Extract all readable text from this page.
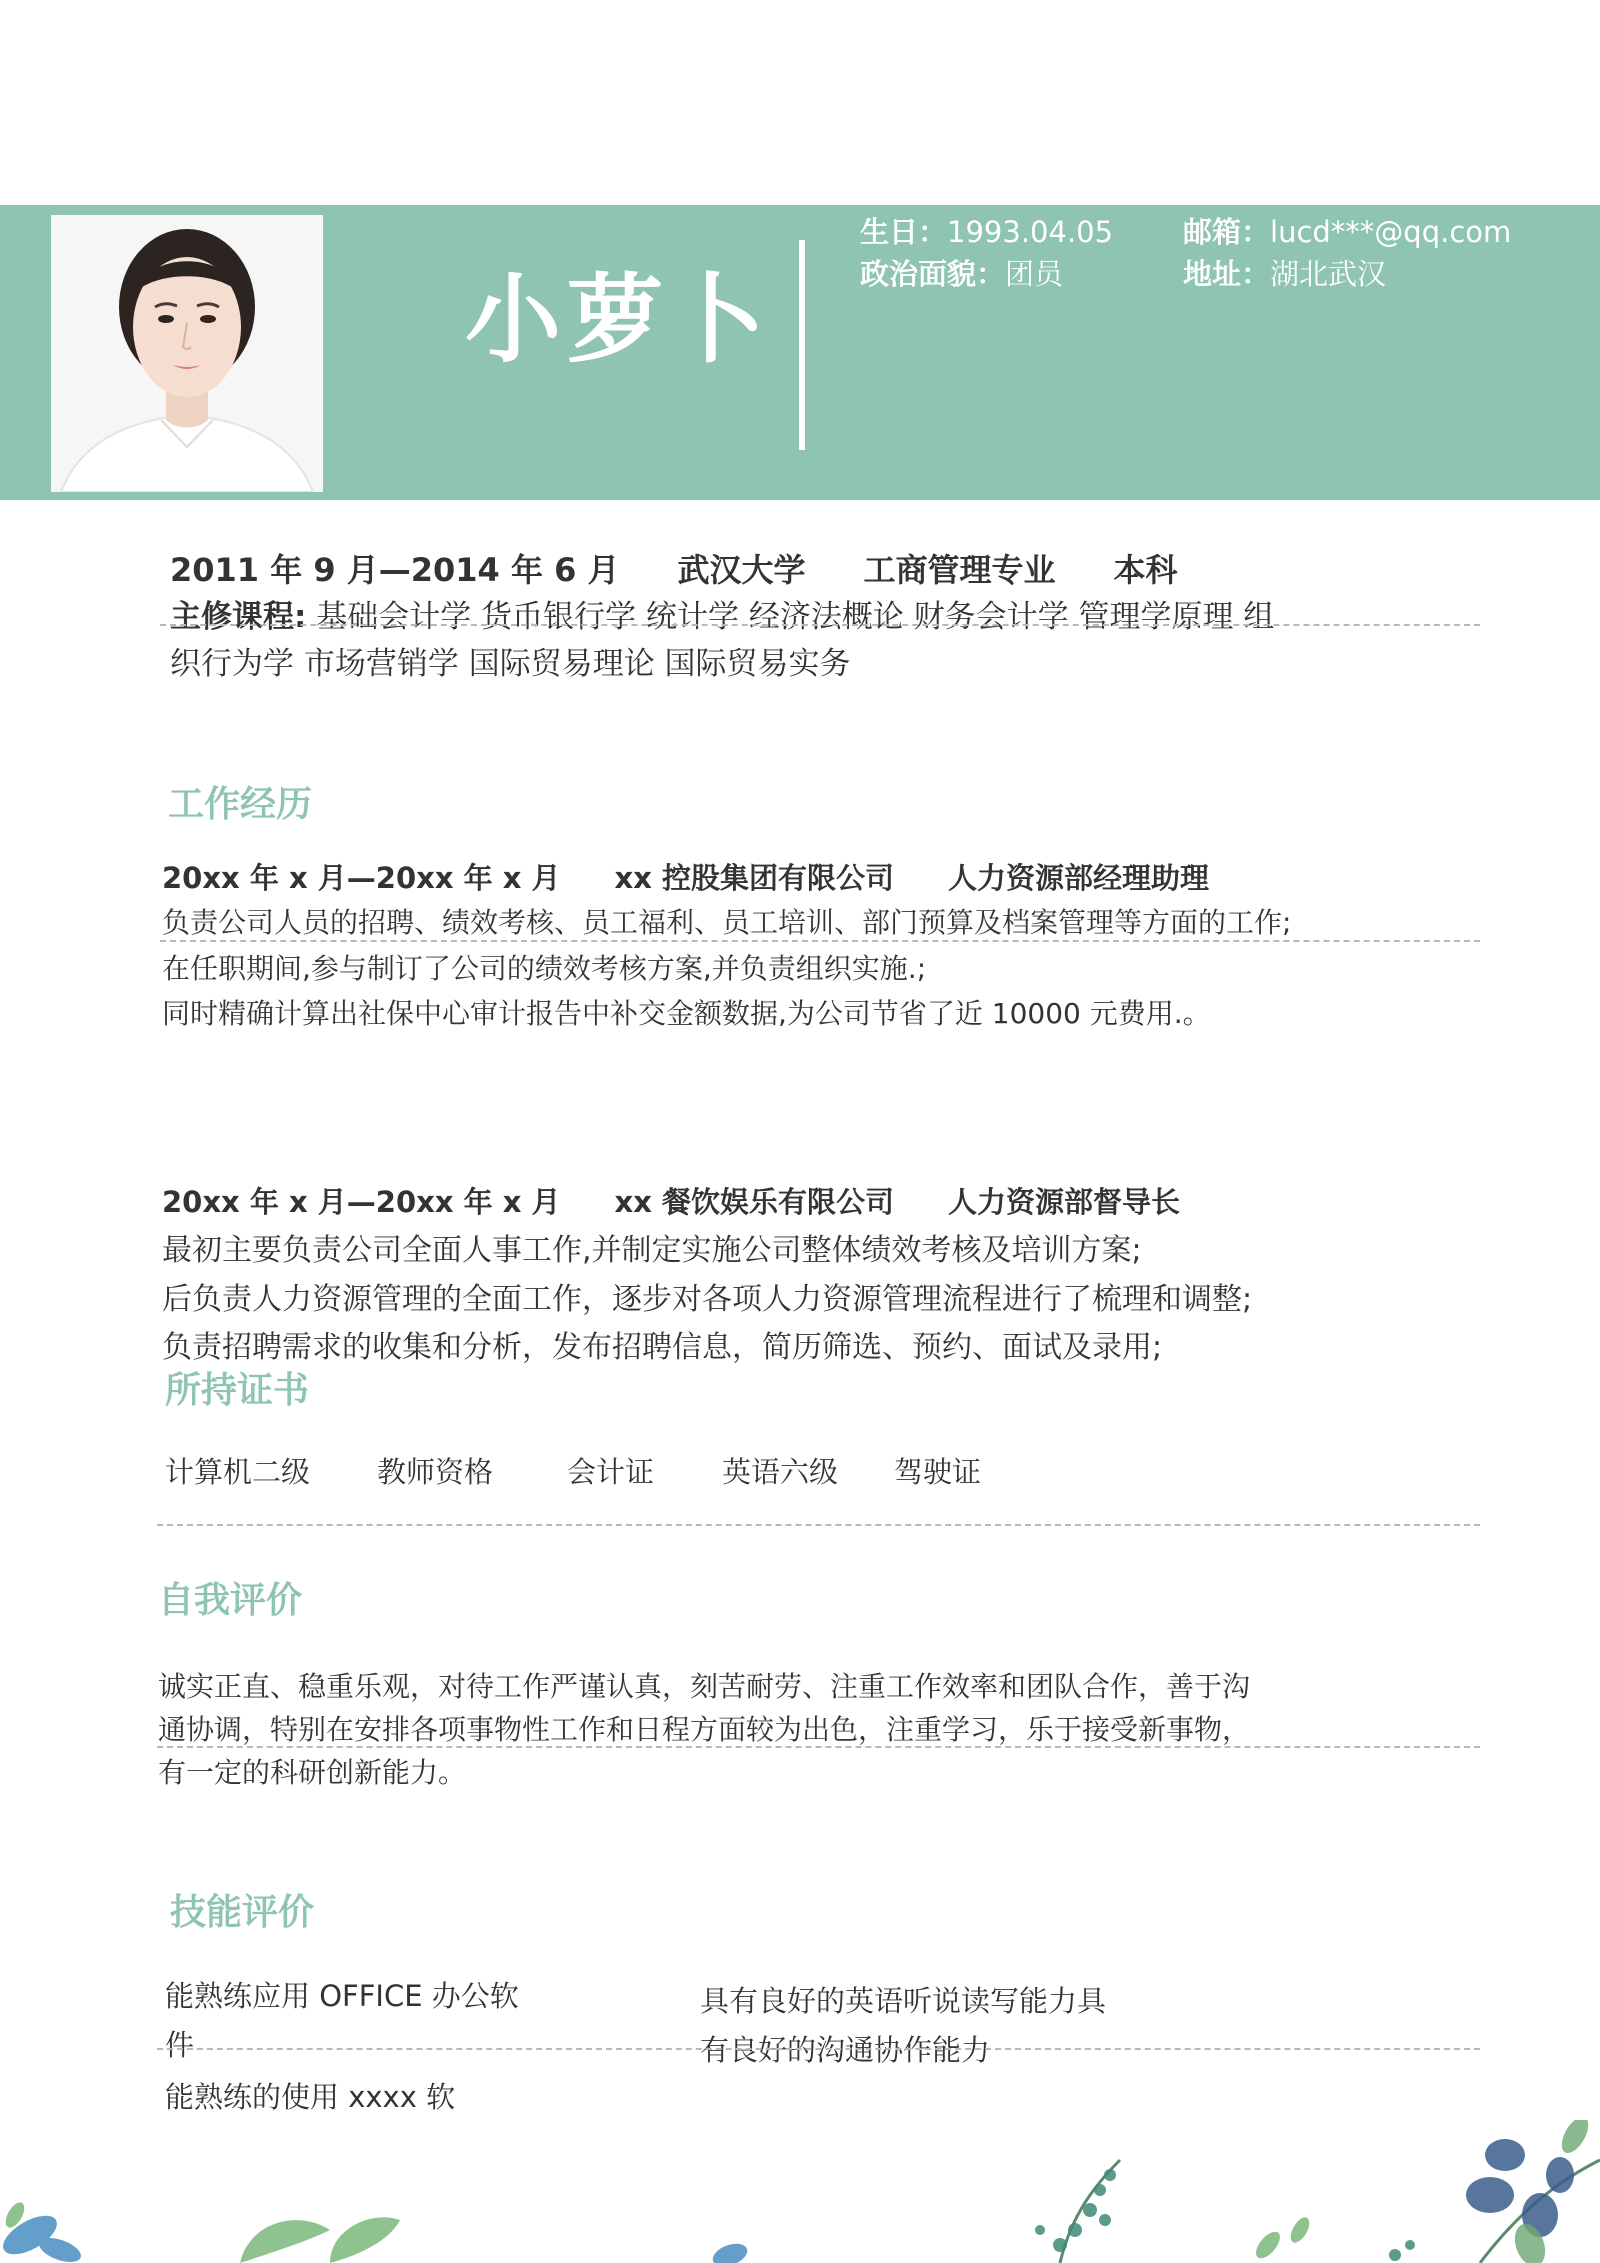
小萝卜
生日：1993.04.05 邮箱：lucd***@qq.com
政治面貌：团员	地址：湖北武汉
2011 年 9 月—2014 年 6 月 武汉大学 工商管理专业 本科
主修课程: 基础会计学 货币银行学 统计学 经济法概论 财务会计学 管理学原理 组
织行为学 市场营销学 国际贸易理论 国际贸易实务
工作经历
20xx 年 x 月—20xx 年 x 月 xx 控股集团有限公司 人力资源部经理助理
负责公司人员的招聘、绩效考核、员工福利、员工培训、部门预算及档案管理等方面的工作;
在任职期间,参与制订了公司的绩效考核方案,并负责组织实施.;
同时精确计算出社保中心审计报告中补交金额数据,为公司节省了近 10000 元费用.。
20xx 年 x 月—20xx 年 x 月 xx 餐饮娱乐有限公司 人力资源部督导长
最初主要负责公司全面人事工作,并制定实施公司整体绩效考核及培训方案;
后负责人力资源管理的全面工作，逐步对各项人力资源管理流程进行了梳理和调整;
负责招聘需求的收集和分析，发布招聘信息，简历筛选、预约、面试及录用;
所持证书
计算机二级 教师资格	会计证 英语六级 驾驶证
自我评价
诚实正直、稳重乐观，对待工作严谨认真，刻苦耐劳、注重工作效率和团队合作，善于沟
通协调，特别在安排各项事物性工作和日程方面较为出色，注重学习，乐于接受新事物，
有一定的科研创新能力。
技能评价
能熟练应用 OFFICE 办公软
件
能熟练的使用 xxxx 软
具有良好的英语听说读写能力具
有良好的沟通协作能力
